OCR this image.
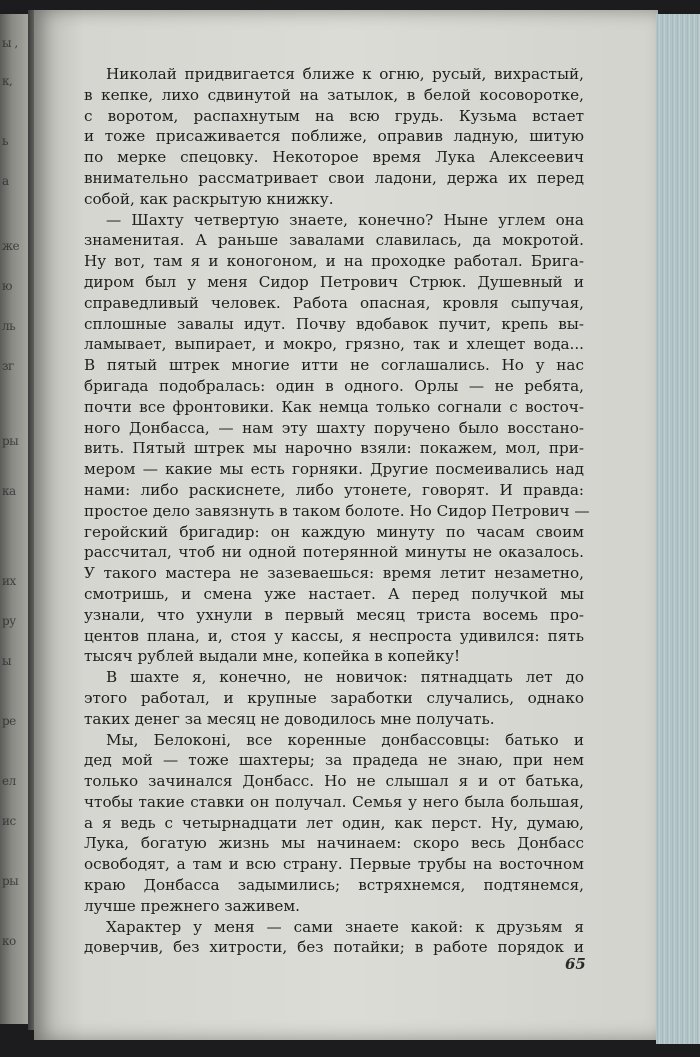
ы ,
к,
ь
а
же
ю
ль
зг
ры
ка
их
ру
ы
ре
ел
ис
ры
ко
Николай придвигается ближе к огню, русый, вихрастый,
в кепке, лихо сдвинутой на затылок, в белой косоворотке,
с воротом, распахнутым на всю грудь. Кузьма встает
и тоже присаживается поближе, оправив ладную, шитую
по мерке спецовку. Некоторое время Лука Алексеевич
внимательно рассматривает свои ладони, держа их перед
собой, как раскрытую книжку.
— Шахту четвертую знаете, конечно? Ныне углем она
знаменитая. А раньше завалами славилась, да мокротой.
Ну вот, там я и коногоном, и на проходке работал. Брига-
диром был у меня Сидор Петрович Стрюк. Душевный и
справедливый человек. Работа опасная, кровля сыпучая,
сплошные завалы идут. Почву вдобавок пучит, крепь вы-
ламывает, выпирает, и мокро, грязно, так и хлещет вода...
В пятый штрек многие итти не соглашались. Но у нас
бригада подобралась: один в одного. Орлы — не ребята,
почти все фронтовики. Как немца только согнали с восточ-
ного Донбасса, — нам эту шахту поручено было восстано-
вить. Пятый штрек мы нарочно взяли: покажем, мол, при-
мером — какие мы есть горняки. Другие посмеивались над
нами: либо раскиснете, либо утонете, говорят. И правда:
простое дело завязнуть в таком болоте. Но Сидор Петрович —
геройский бригадир: он каждую минуту по часам своим
рассчитал, чтоб ни одной потерянной минуты не оказалось.
У такого мастера не зазеваешься: время летит незаметно,
смотришь, и смена уже настает. А перед получкой мы
узнали, что ухнули в первый месяц триста восемь про-
центов плана, и, стоя у кассы, я неспроста удивился: пять
тысяч рублей выдали мне, копейка в копейку!
В шахте я, конечно, не новичок: пятнадцать лет до
этого работал, и крупные заработки случались, однако
таких денег за месяц не доводилось мне получать.
Мы, Белоконі, все коренные донбассовцы: батько и
дед мой — тоже шахтеры; за прадеда не знаю, при нем
только зачинался Донбасс. Но не слышал я и от батька,
чтобы такие ставки он получал. Семья у него была большая,
а я ведь с четырнадцати лет один, как перст. Ну, думаю,
Лука, богатую жизнь мы начинаем: скоро весь Донбасс
освободят, а там и всю страну. Первые трубы на восточном
краю Донбасса задымились; встряхнемся, подтянемся,
лучше прежнего заживем.
Характер у меня — сами знаете какой: к друзьям я
доверчив, без хитрости, без потайки; в работе порядок и
65
